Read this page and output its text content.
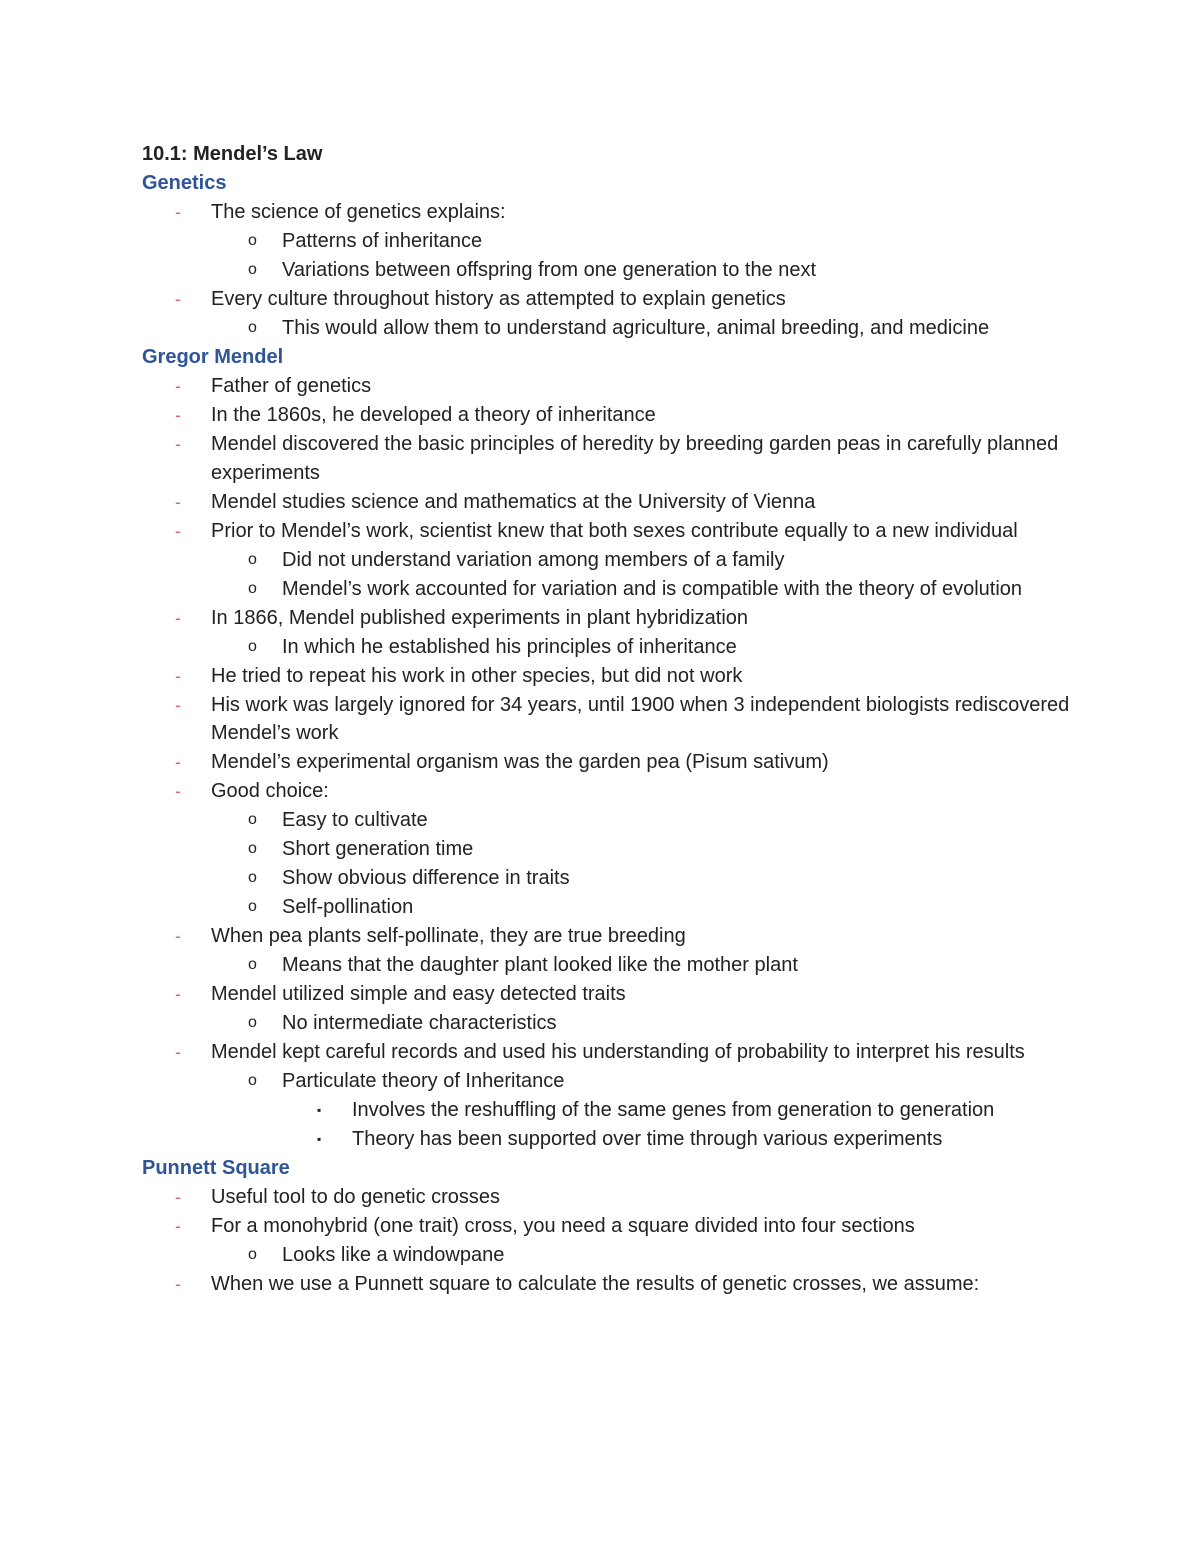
10.1: Mendel’s Law
Genetics
- The science of genetics explains:
o Patterns of inheritance
o Variations between offspring from one generation to the next
- Every culture throughout history as attempted to explain genetics
o This would allow them to understand agriculture, animal breeding, and medicine
Gregor Mendel
- Father of genetics
- In the 1860s, he developed a theory of inheritance
- Mendel discovered the basic principles of heredity by breeding garden peas in carefully planned experiments
- Mendel studies science and mathematics at the University of Vienna
- Prior to Mendel’s work, scientist knew that both sexes contribute equally to a new individual
o Did not understand variation among members of a family
o Mendel’s work accounted for variation and is compatible with the theory of evolution
- In 1866, Mendel published experiments in plant hybridization
o In which he established his principles of inheritance
- He tried to repeat his work in other species, but did not work
- His work was largely ignored for 34 years, until 1900 when 3 independent biologists rediscovered Mendel’s work
- Mendel’s experimental organism was the garden pea (Pisum sativum)
- Good choice:
o Easy to cultivate
o Short generation time
o Show obvious difference in traits
o Self-pollination
- When pea plants self-pollinate, they are true breeding
o Means that the daughter plant looked like the mother plant
- Mendel utilized simple and easy detected traits
o No intermediate characteristics
- Mendel kept careful records and used his understanding of probability to interpret his results
o Particulate theory of Inheritance
▪ Involves the reshuffling of the same genes from generation to generation
▪ Theory has been supported over time through various experiments
Punnett Square
- Useful tool to do genetic crosses
- For a monohybrid (one trait) cross, you need a square divided into four sections
o Looks like a windowpane
- When we use a Punnett square to calculate the results of genetic crosses, we assume:
